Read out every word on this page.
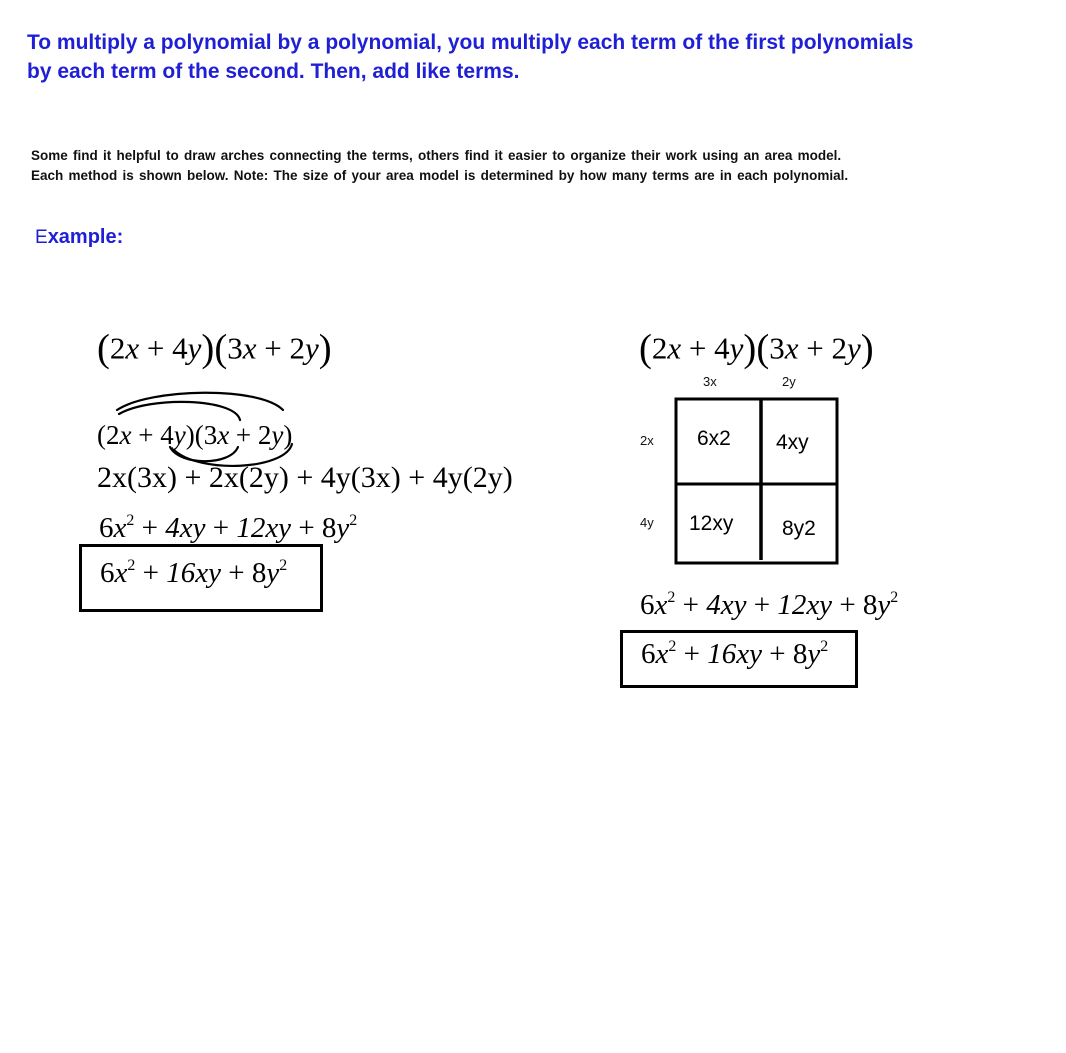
To multiply a polynomial by a polynomial, you multiply each term of the first polynomials
by each term of the second. Then, add like terms.
Some find it helpful to draw arches connecting the terms, others find it easier to organize their work using an area model.
Each method is shown below. Note: The size of your area model is determined by how many terms are in each polynomial.
Example:
(2x + 4y)(3x + 2y)
(2x + 4y)(3x + 2y)
2x(3x) + 2x(2y) + 4y(3x) + 4y(2y)
$6x^2 + 4xy + 12xy + 8y^2$
$6x^2 + 16xy + 8y^2$
(2x + 4y)(3x + 2y)
3x	2y
2x
4y
6x2 4xy
12xy 8y2
$6x^2 + 4xy + 12xy + 8y^2$
$6x^2 + 16xy + 8y^2$
